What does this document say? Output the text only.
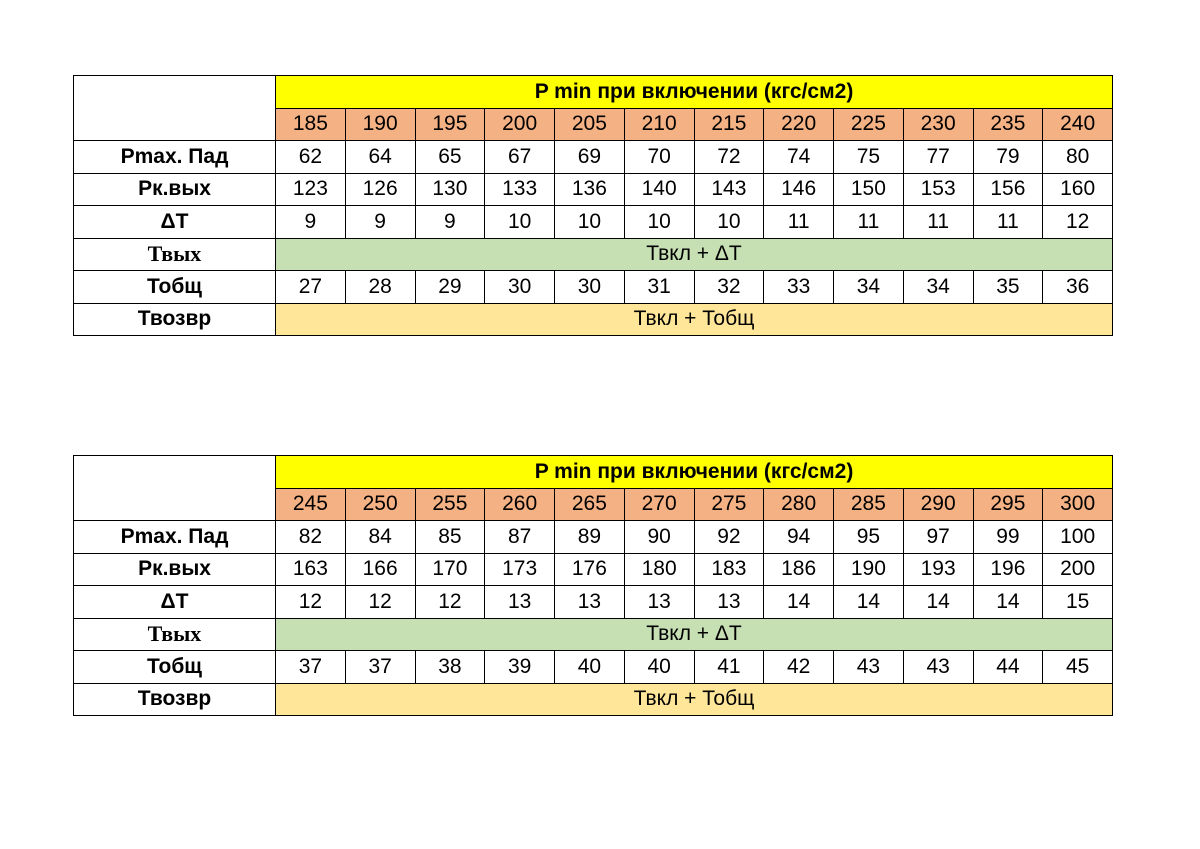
	P min при включении (кгс/см2)											
	185	190	195	200	205	210	215	220	225	230	235	240
Pmax. Пад	62	64	65	67	69	70	72	74	75	77	79	80
Рк.вых	123	126	130	133	136	140	143	146	150	153	156	160
ΔТ	9	9	9	10	10	10	10	11	11	11	11	12
Твых	Твкл + ΔТ											
Тобщ	27	28	29	30	30	31	32	33	34	34	35	36
Твозвр	Твкл + Тобщ											
	P min при включении (кгс/см2)											
	245	250	255	260	265	270	275	280	285	290	295	300
Pmax. Пад	82	84	85	87	89	90	92	94	95	97	99	100
Рк.вых	163	166	170	173	176	180	183	186	190	193	196	200
ΔТ	12	12	12	13	13	13	13	14	14	14	14	15
Твых	Твкл + ΔТ											
Тобщ	37	37	38	39	40	40	41	42	43	43	44	45
Твозвр	Твкл + Тобщ											
